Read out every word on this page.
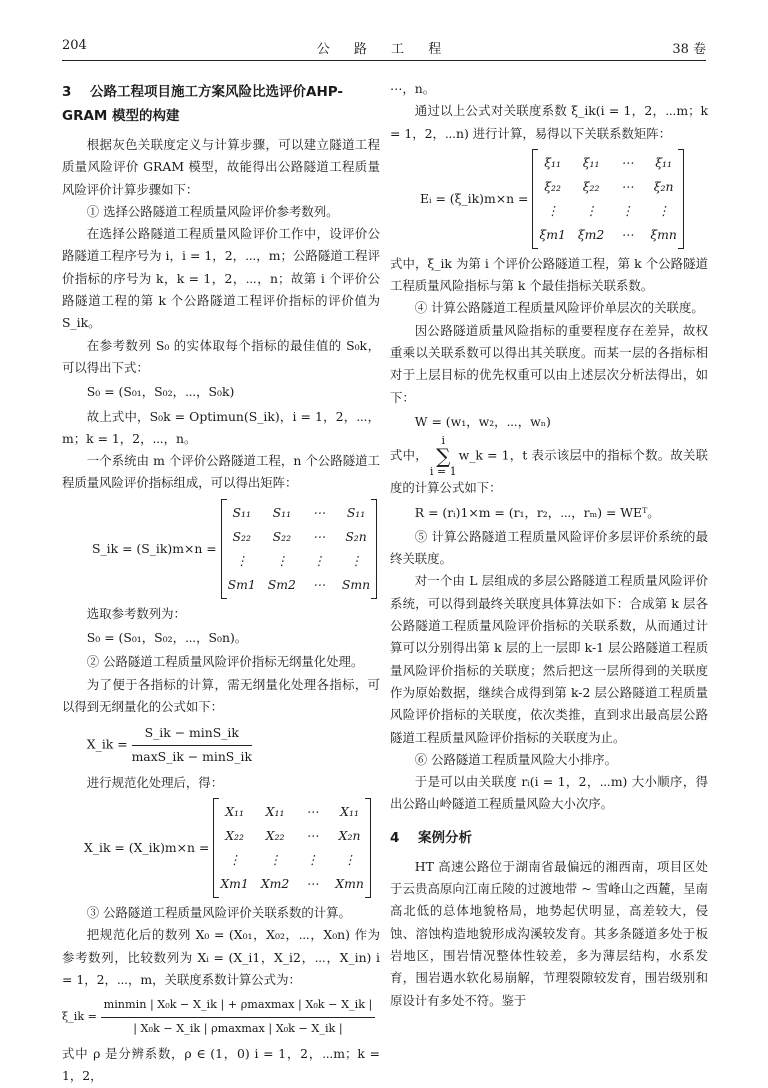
204	公 路 工 程	38 卷
3 公路工程项目施工方案风险比选评价AHP-GRAM 模型的构建

根据灰色关联度定义与计算步骤，可以建立隧道工程质量风险评价 GRAM 模型，故能得出公路隧道工程质量风险评价计算步骤如下：

① 选择公路隧道工程质量风险评价参考数列。

在选择公路隧道工程质量风险评价工作中，设评价公路隧道工程序号为 i，i = 1，2，⋯，m；公路隧道工程评价指标的序号为 k，k = 1，2，⋯，n；故第 i 个评价公路隧道工程的第 k 个公路隧道工程评价指标的评价值为 S_ik。

在参考数列 S₀ 的实体取每个指标的最佳值的 S₀k，可以得出下式：

S₀ = (S₀₁，S₀₂，⋯，S₀k)

故上式中，S₀k = Optimun(S_ik)，i = 1，2，⋯，m；k = 1，2，⋯，n。

一个系统由 m 个评价公路隧道工程，n 个公路隧道工程质量风险评价指标组成，可以得出矩阵：

S_ik = (S_ik)m×n =
S₁₁	S₁₁	⋯	S₁₁
S₂₂	S₂₂	⋯	S₂n
⋮	⋮	⋮	⋮
Sm1 Sm2	⋯	Smn

选取参考数列为：

S₀ = (S₀₁，S₀₂，⋯，S₀n)。

② 公路隧道工程质量风险评价指标无纲量化处理。

为了便于各指标的计算，需无纲量化处理各指标，可以得到无纲量化的公式如下：

X_ik = $\frac{S\_ik - \min S\_ik}{\max S\_ik - \min S\_ik}$

进行规范化处理后，得：

X_ik = (X_ik)m×n =
X₁₁	X₁₁	⋯	X₁₁
X₂₂	X₂₂	⋯	X₂n
⋮	⋮	⋮	⋮
Xm1 Xm2	⋯	Xmn

③ 公路隧道工程质量风险评价关联系数的计算。

把规范化后的数列 X₀ = (X₀₁，X₀₂，⋯，X₀n) 作为参考数列，比较数列为 Xᵢ = (X_i1，X_i2，⋯，X_in) i = 1，2，⋯，m，关联度系数计算公式为：

ξ_ik = $\frac{\text{minmin | X₀k − X\_ik | + ρmaxmax | X₀k − X\_ik |}}{\text{| X₀k − X\_ik | ρmaxmax | X₀k − X\_ik |}}$

式中 ρ 是分辨系数，ρ ∈ (1，0) i = 1，2，⋯m；k = 1，2，

⋯，n。

通过以上公式对关联度系数 ξ_ik(i = 1，2，⋯m；k = 1，2，⋯n) 进行计算，易得以下关联系数矩阵：

Eᵢ = (ξ_ik)m×n =
ξ₁₁	ξ₁₁	⋯	ξ₁₁
ξ₂₂	ξ₂₂	⋯	ξ₂n
⋮	⋮	⋮	⋮
ξm1 ξm2	⋯	ξmn

式中，ξ_ik 为第 i 个评价公路隧道工程，第 k 个公路隧道工程质量风险指标与第 k 个最佳指标关联系数。

④ 计算公路隧道工程质量风险评价单层次的关联度。

因公路隧道质量风险指标的重要程度存在差异，故权重乘以关联系数可以得出其关联度。而某一层的各指标相对于上层目标的优先权重可以由上述层次分析法得出，如下：

W = (w₁，w₂，⋯，wₙ)

式中，
i
∑
i = 1
w_k = 1，t 表示该层中的指标个数。故关联度的计算公式如下：

R = (rᵢ)1×m = (r₁，r₂，⋯，rₘ) = WEᵀ。

⑤ 计算公路隧道工程质量风险评价多层评价系统的最终关联度。

对一个由 L 层组成的多层公路隧道工程质量风险评价系统，可以得到最终关联度具体算法如下：合成第 k 层各公路隧道工程质量风险评价指标的关联系数，从而通过计算可以分别得出第 k 层的上一层即 k-1 层公路隧道工程质量风险评价指标的关联度；然后把这一层所得到的关联度作为原始数据，继续合成得到第 k-2 层公路隧道工程质量风险评价指标的关联度，依次类推，直到求出最高层公路隧道工程质量风险评价指标的关联度为止。

⑥ 公路隧道工程质量风险大小排序。

于是可以由关联度 rᵢ(i = 1，2，⋯m) 大小顺序，得出公路山岭隧道工程质量风险大小次序。

4 案例分析

HT 高速公路位于湖南省最偏远的湘西南，项目区处于云贵高原向江南丘陵的过渡地带 ~ 雪峰山之西麓，呈南高北低的总体地貌格局，地势起伏明显，高差较大，侵蚀、溶蚀构造地貌形成沟溪较发育。其多条隧道多处于板岩地区，围岩情况整体性较差，多为薄层结构，水系发育，围岩遇水软化易崩解，节理裂隙较发育，围岩级别和原设计有多处不符。鉴于
